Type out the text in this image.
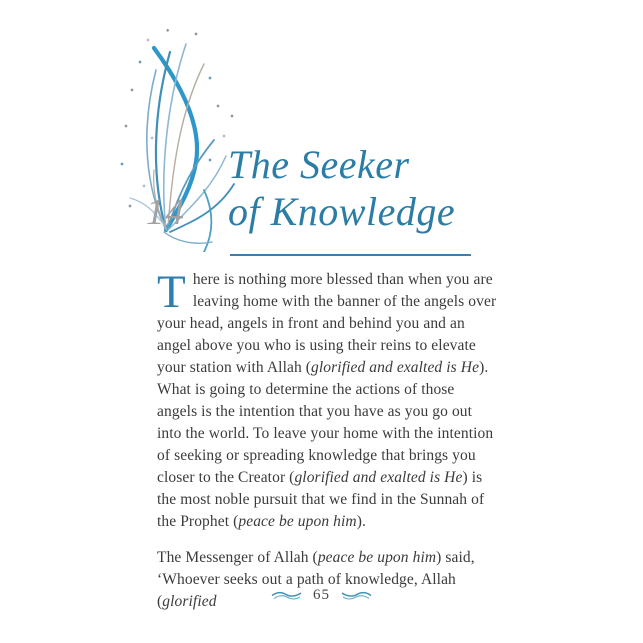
14
The Seeker
of Knowledge

There is nothing more blessed than when you are leaving home with the banner of the angels over your head, angels in front and behind you and an angel above you who is using their reins to elevate your station with Allah (glorified and exalted is He). What is going to determine the actions of those angels is the intention that you have as you go out into the world. To leave your home with the intention of seeking or spreading knowledge that brings you closer to the Creator (glorified and exalted is He) is the most noble pursuit that we find in the Sunnah of the Prophet (peace be upon him).

The Messenger of Allah (peace be upon him) said, ‘Whoever seeks out a path of knowledge, Allah (glorified	65
